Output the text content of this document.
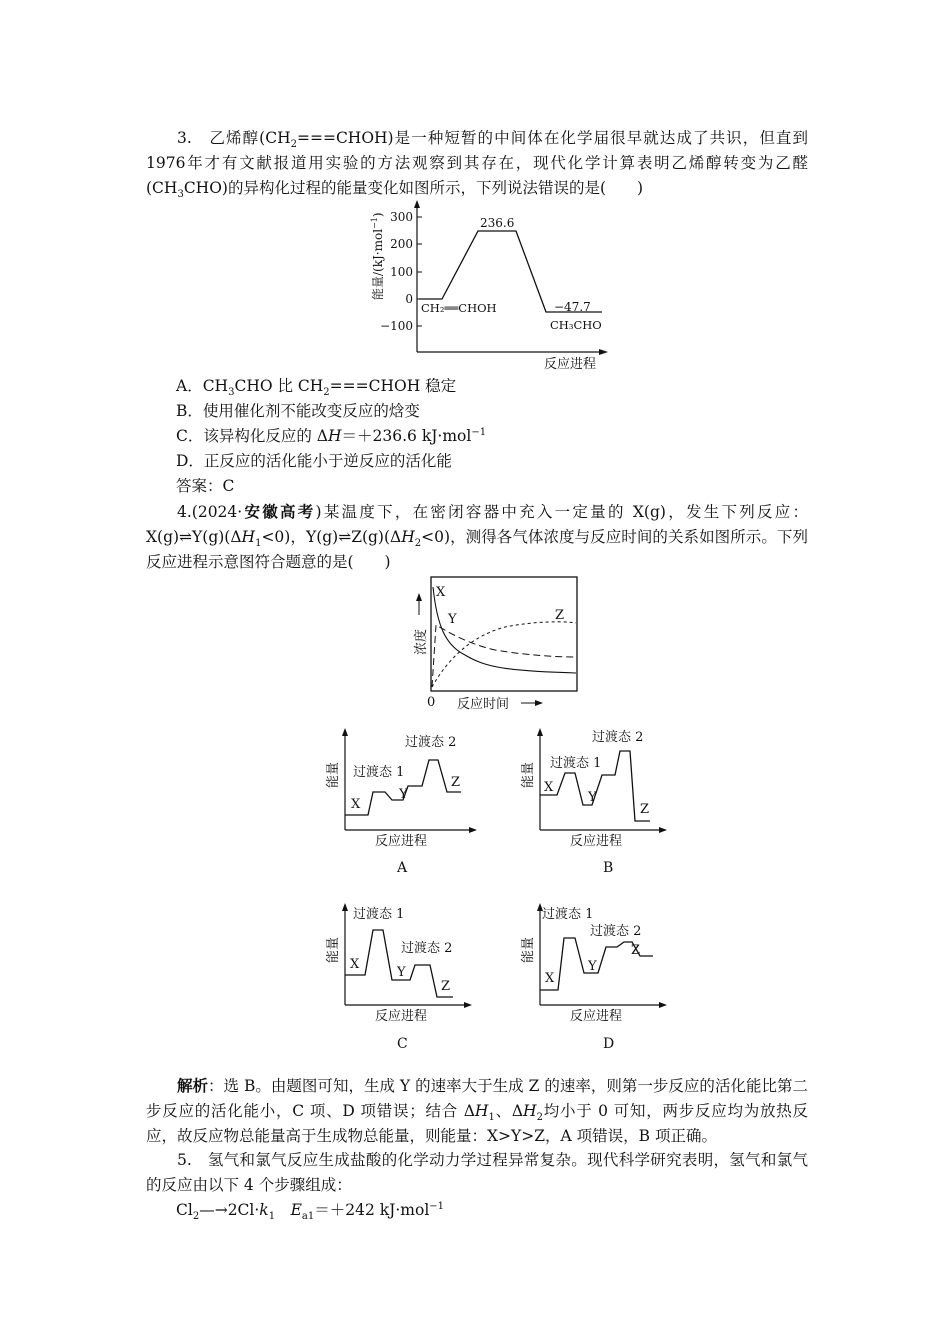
3.　 乙烯醇$(CH_2===CHOH)$是一种短暂的中间体在化学届很早就达成了共识，但直到1976年才有文献报道用实验的方法观察到其存在，现代化学计算表明乙烯醇转变为乙醛$(CH_3CHO)$的异构化过程的能量变化如图所示，下列说法错误的是(　　)
300
200
100
0
−100
能量/(kJ·mol$^{-1}$)
236.6
CH₂══CHOH	−47.7
CH₃CHO
反应进程
A．$CH_3CHO$ 比 $CH_2===CHOH$ 稳定
B．使用催化剂不能改变反应的焓变
C．该异构化反应的 ΔH＝＋236.6 kJ·mol$^{-1}$
D．正反应的活化能小于逆反应的活化能
答案：C
4.(2024·安徽高考)某温度下，在密闭容器中充入一定量的 X(g)，发生下列反应：$X(g)\rightleftharpoons Y(g)(\Delta H_1<0)$，$Y(g)\rightleftharpoons Z(g)(\Delta H_2<0)$，测得各气体浓度与反应时间的关系如图所示。下列反应进程示意图符合题意的是(　　)
X
Y	Z
浓度
0 反应时间
能量
X
过渡态 1
Y
过渡态 2
Z
反应进程
A
能量 X
过渡态 1
Y
过渡态 2
Z
反应进程
B
能量
X
过渡态 1
Y
过渡态 2
Z
反应进程
C
能量
X
过渡态 1
Y
过渡态 2
Z
反应进程
D
解析：选 B。由题图可知，生成 Y 的速率大于生成 Z 的速率，则第一步反应的活化能比第二步反应的活化能小，C 项、D 项错误；结合 $\Delta H_1$、$\Delta H_2$均小于 0 可知，两步反应均为放热反应，故反应物总能量高于生成物总能量，则能量：X>Y>Z，A 项错误，B 项正确。
5.　氢气和氯气反应生成盐酸的化学动力学过程异常复杂。现代科学研究表明，氢气和氯气的反应由以下 4 个步骤组成：
$Cl_2—\to 2Cl\cdot k_1$　 $E_{a1}=+242$ kJ·mol$^{-1}$
